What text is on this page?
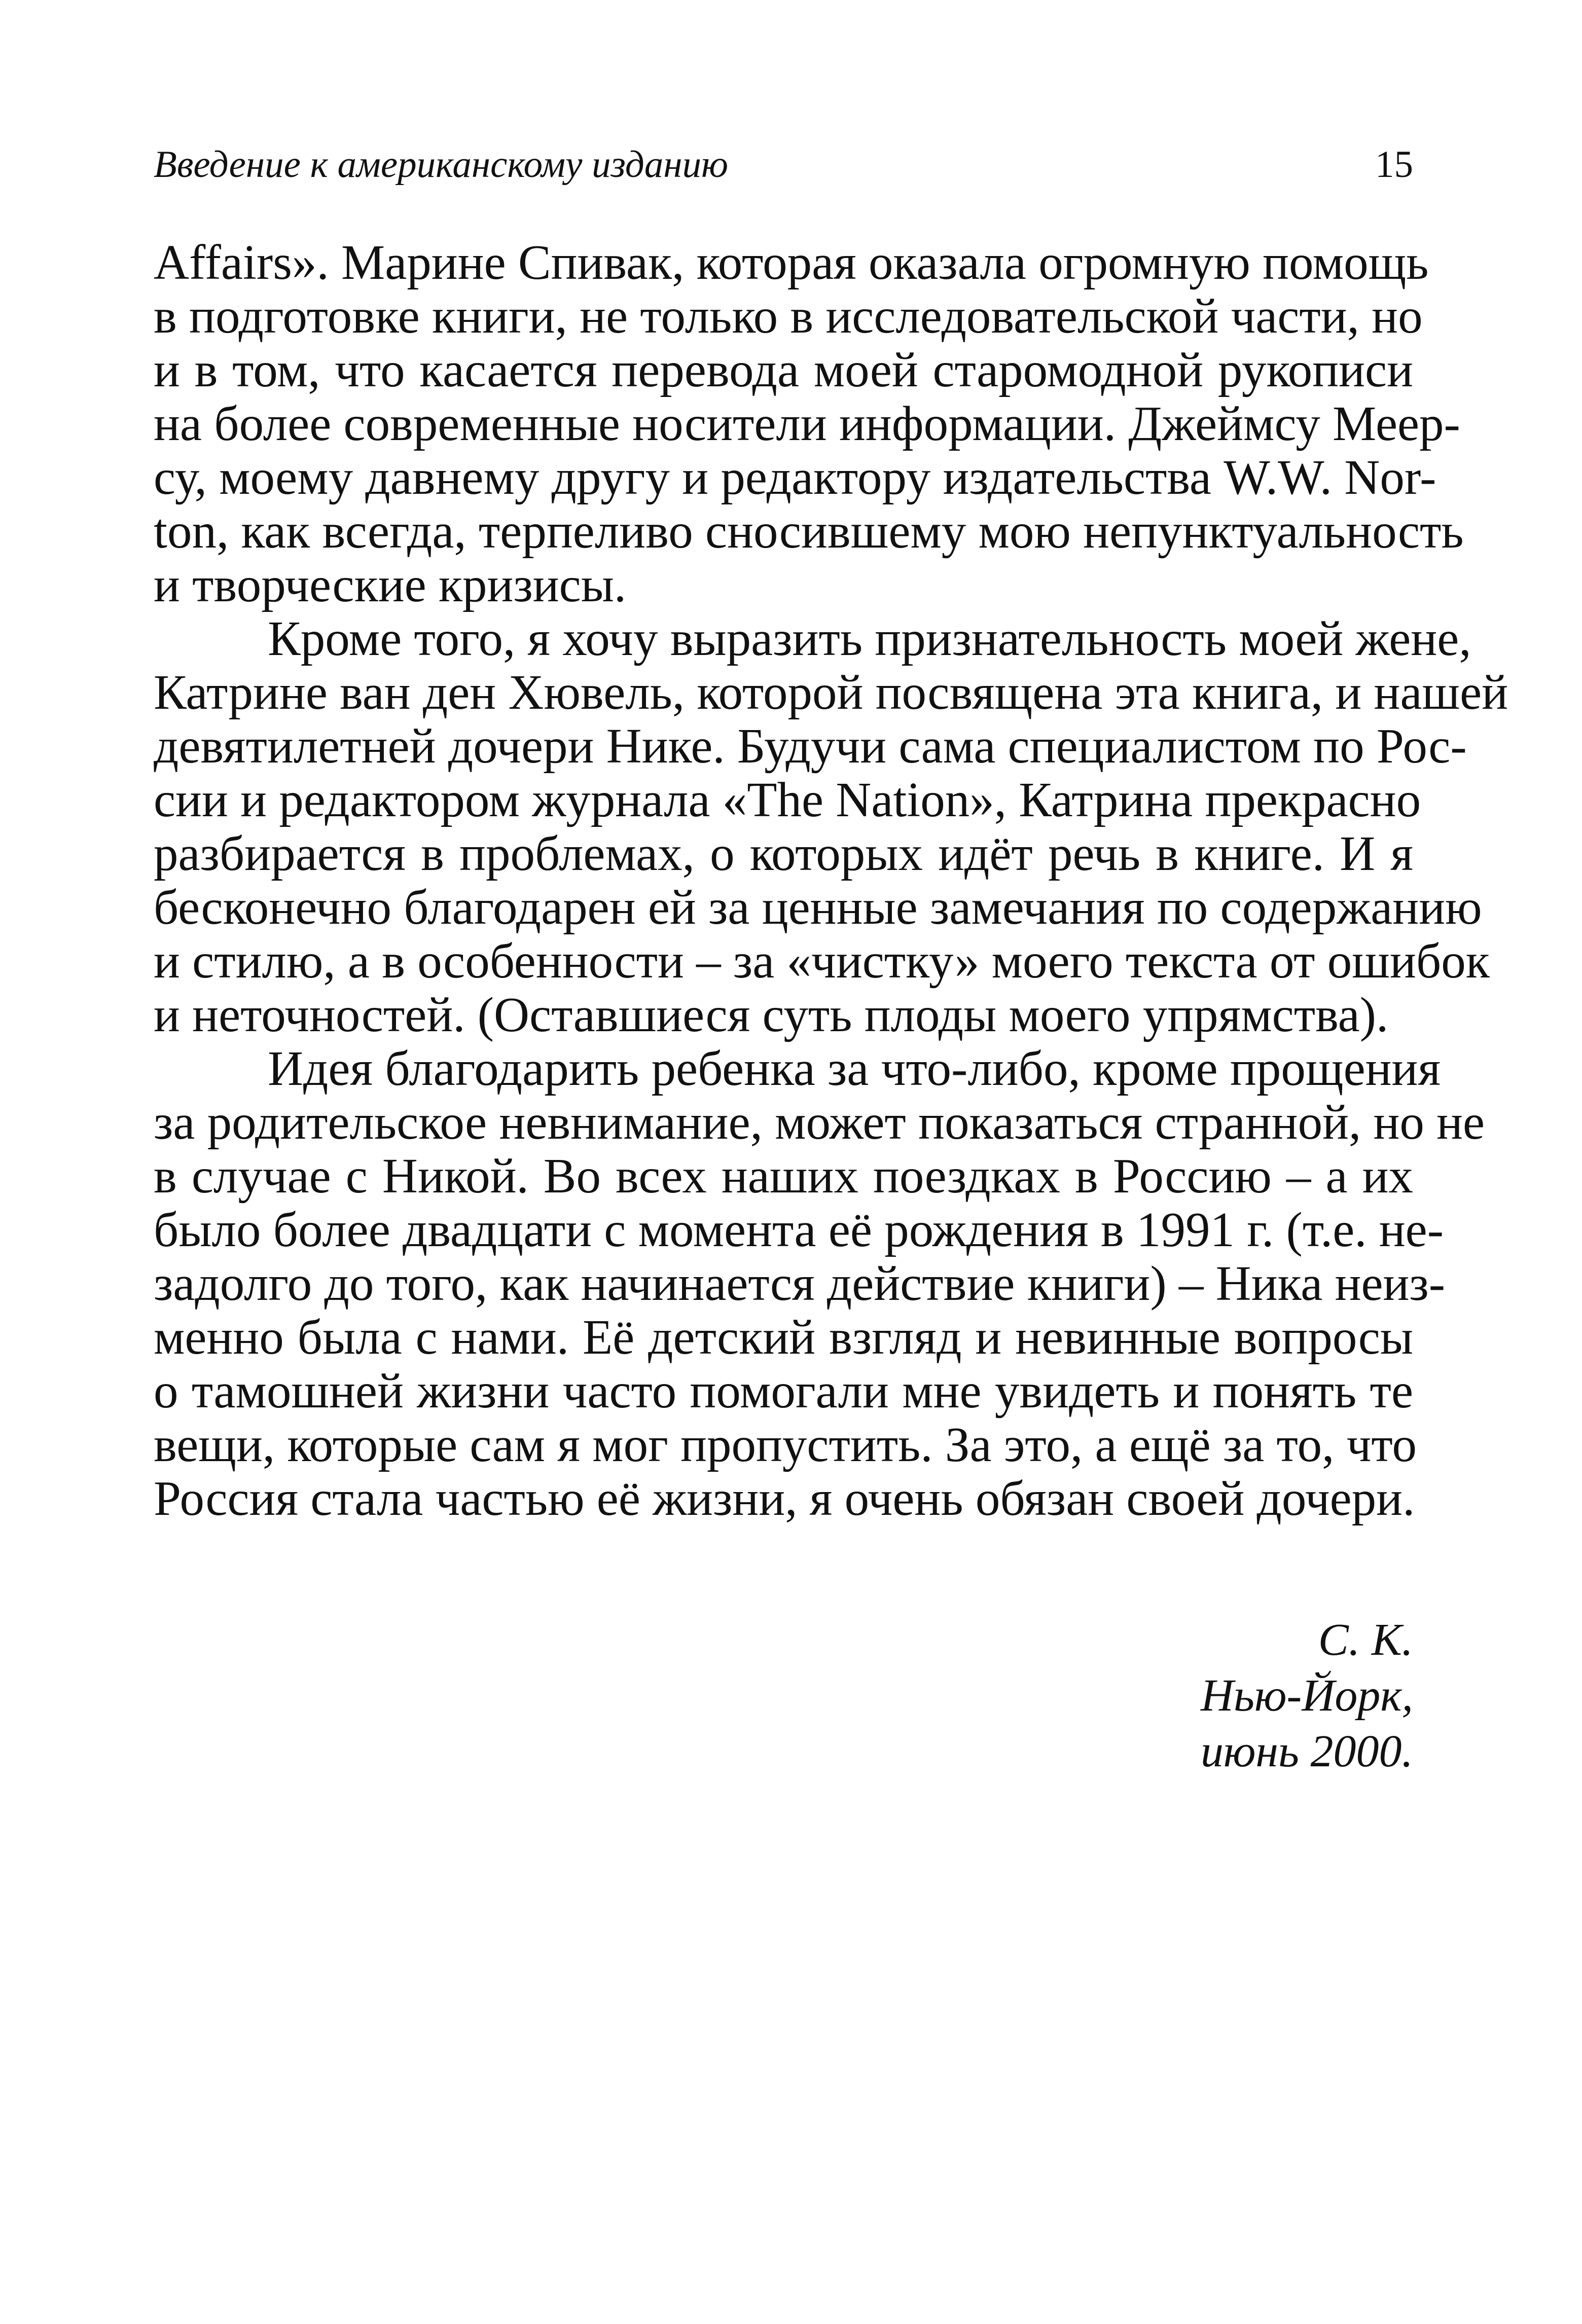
Введение к американскому изданию	15
Affairs». Марине Спивак, которая оказала огромную помощь
в подготовке книги, не только в исследовательской части, но
и в том, что касается перевода моей старомодной рукописи
на более современные носители информации. Джеймсу Меер-
су, моему давнему другу и редактору издательства W.W. Nor-
ton, как всегда, терпеливо сносившему мою непунктуальность
и творческие кризисы.
Кроме того, я хочу выразить признательность моей жене,
Катрине ван ден Хювель, которой посвящена эта книга, и нашей
девятилетней дочери Нике. Будучи сама специалистом по Рос-
сии и редактором журнала «The Nation», Катрина прекрасно
разбирается в проблемах, о которых идёт речь в книге. И я
бесконечно благодарен ей за ценные замечания по содержанию
и стилю, а в особенности – за «чистку» моего текста от ошибок
и неточностей. (Оставшиеся суть плоды моего упрямства).
Идея благодарить ребенка за что-либо, кроме прощения
за родительское невнимание, может показаться странной, но не
в случае с Никой. Во всех наших поездках в Россию – а их
было более двадцати с момента её рождения в 1991 г. (т.е. не-
задолго до того, как начинается действие книги) – Ника неиз-
менно была с нами. Её детский взгляд и невинные вопросы
о тамошней жизни часто помогали мне увидеть и понять те
вещи, которые сам я мог пропустить. За это, а ещё за то, что
Россия стала частью её жизни, я очень обязан своей дочери.
С. К.
Нью-Йорк,
июнь 2000.
